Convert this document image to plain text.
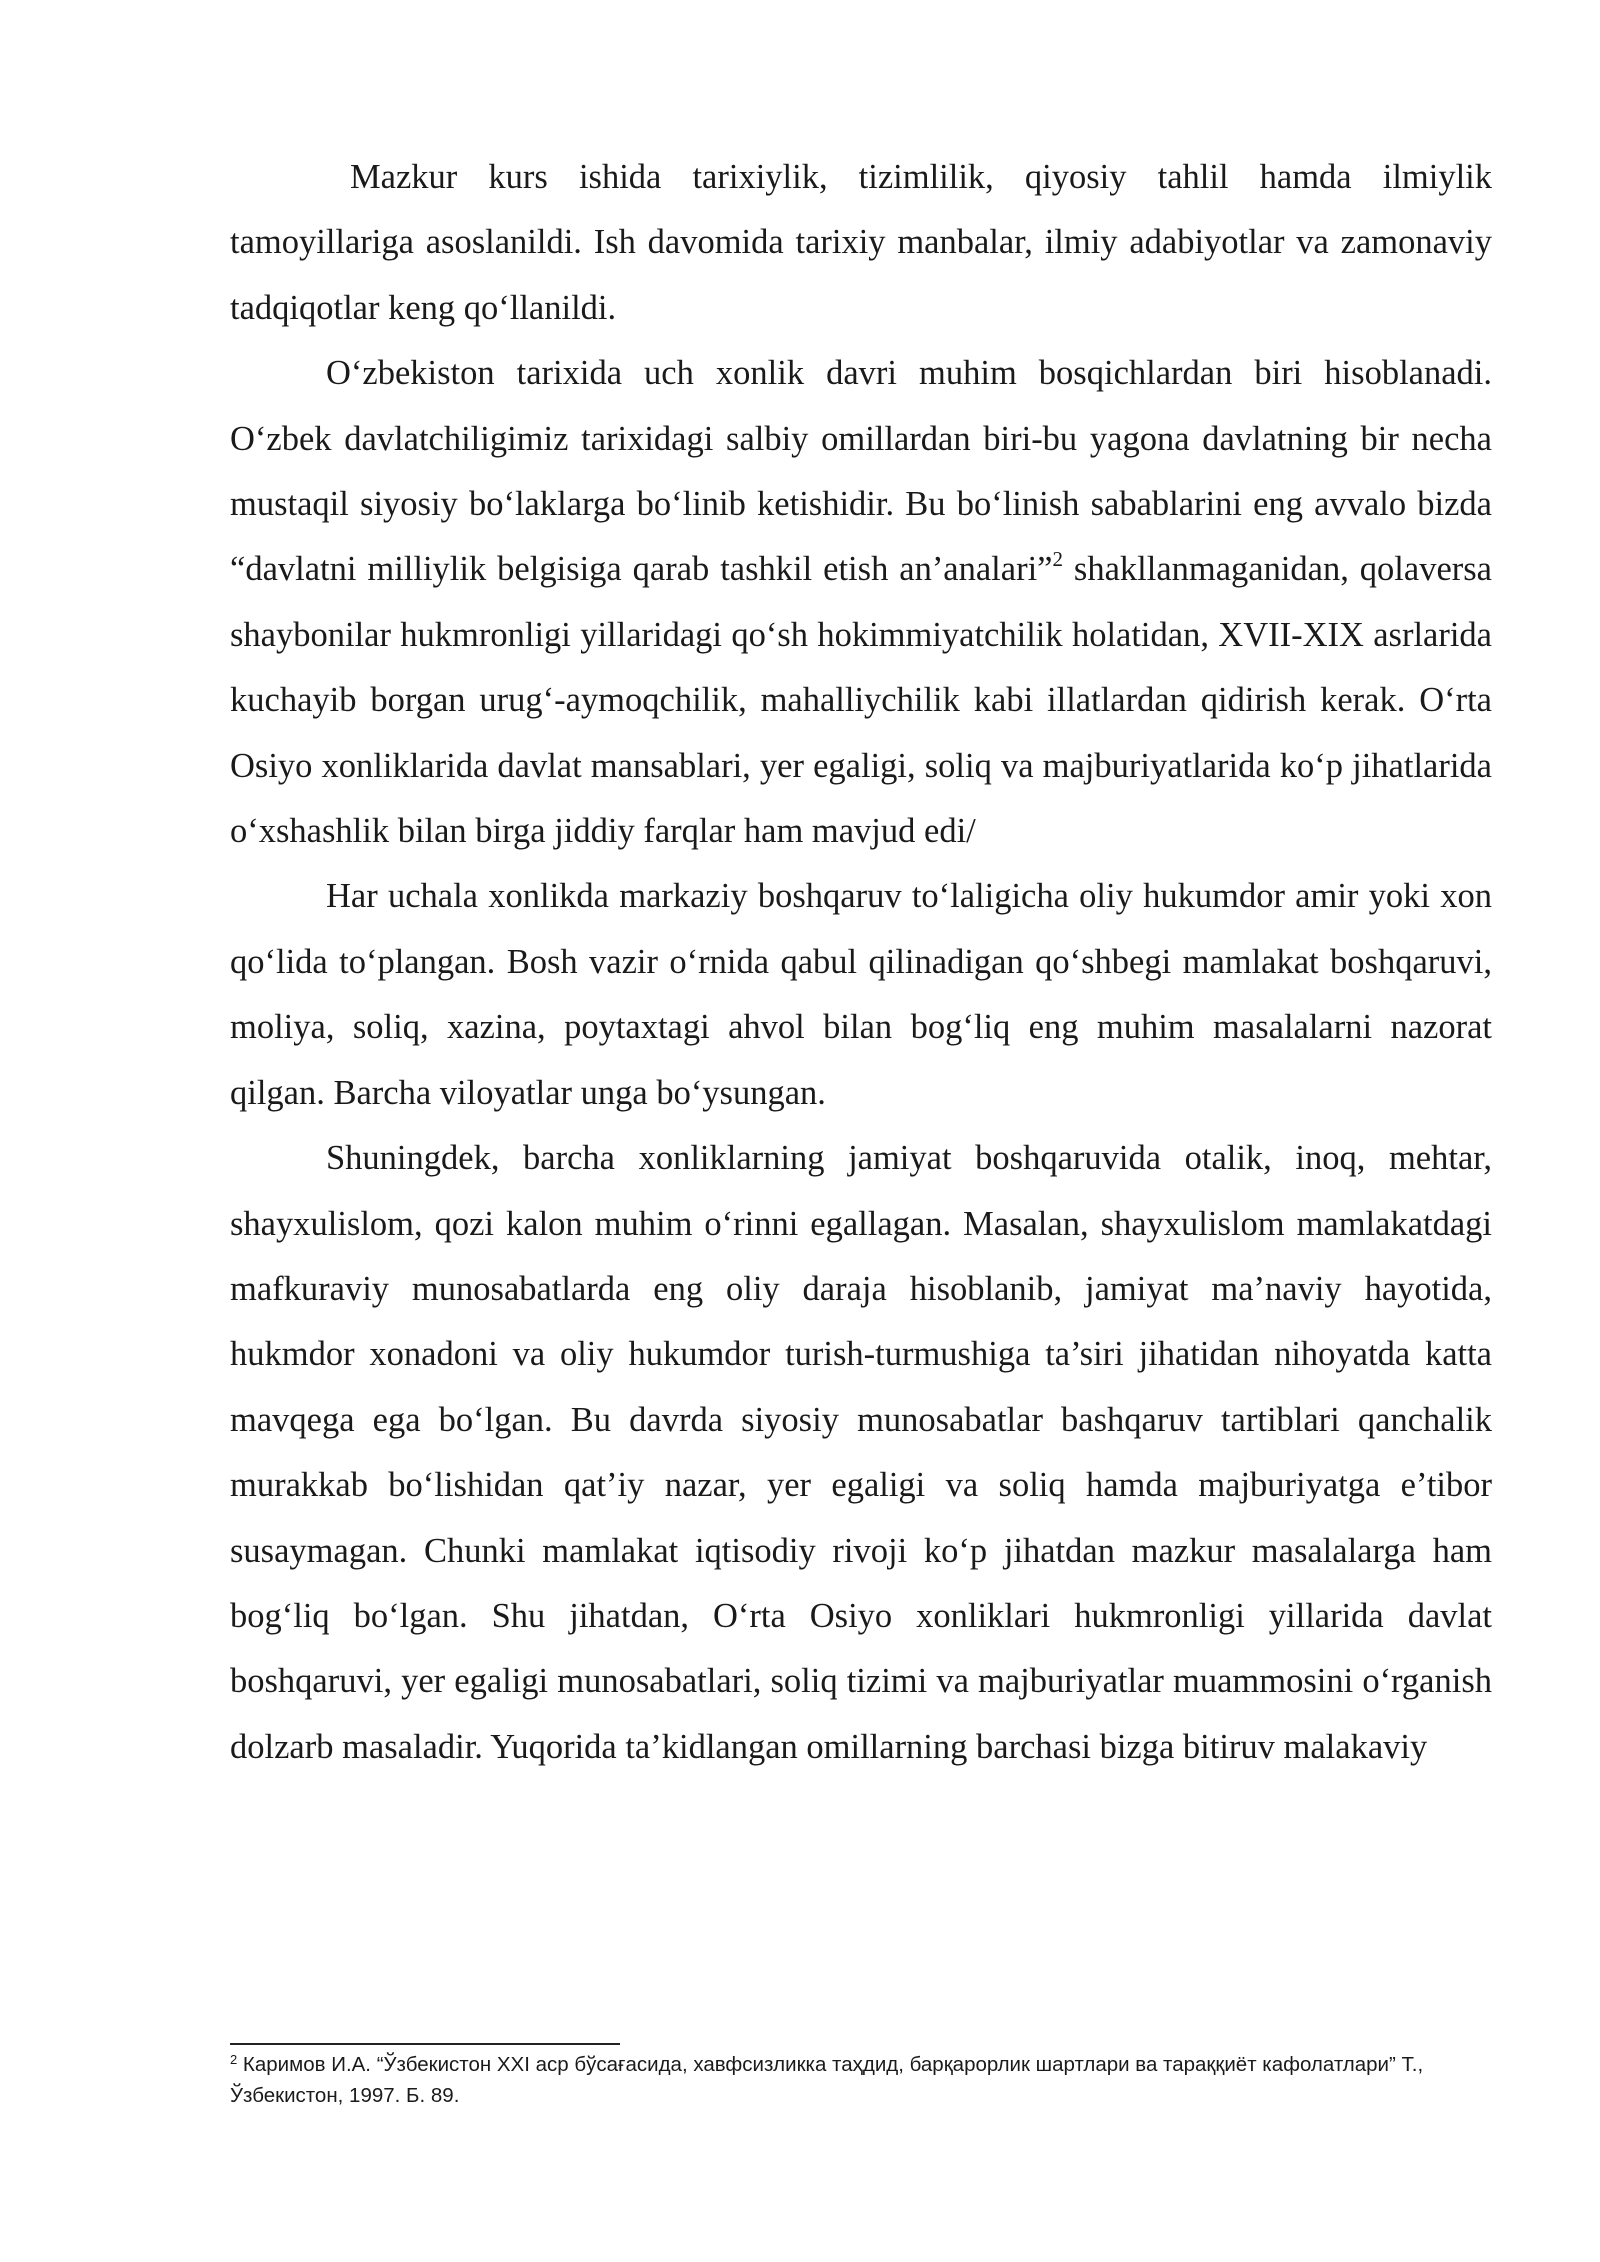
Mazkur kurs ishida tarixiylik, tizimlilik, qiyosiy tahlil hamda ilmiylik tamoyillariga asoslanildi. Ish davomida tarixiy manbalar, ilmiy adabiyotlar va zamonaviy tadqiqotlar keng qo‘llanildi.

O‘zbekiston tarixida uch xonlik davri muhim bosqichlardan biri hisoblanadi. O‘zbek davlatchiligimiz tarixidagi salbiy omillardan biri-bu yagona davlatning bir necha mustaqil siyosiy bo‘laklarga bo‘linib ketishidir. Bu bo‘linish sabablarini eng avvalo bizda “davlatni milliylik belgisiga qarab tashkil etish an’analari”$^2$ shakllanmaganidan, qolaversa shaybonilar hukmronligi yillaridagi qo‘sh hokimmiyatchilik holatidan, XVII-XIX asrlarida kuchayib borgan urug‘-aymoqchilik, mahalliychilik kabi illatlardan qidirish kerak. O‘rta Osiyo xonliklarida davlat mansablari, yer egaligi, soliq va majburiyatlarida ko‘p jihatlarida o‘xshashlik bilan birga jiddiy farqlar ham mavjud edi/

Har uchala xonlikda markaziy boshqaruv to‘laligicha oliy hukumdor amir yoki xon qo‘lida to‘plangan. Bosh vazir o‘rnida qabul qilinadigan qo‘shbegi mamlakat boshqaruvi, moliya, soliq, xazina, poytaxtagi ahvol bilan bog‘liq eng muhim masalalarni nazorat qilgan. Barcha viloyatlar unga bo‘ysungan.

Shuningdek, barcha xonliklarning jamiyat boshqaruvida otalik, inoq, mehtar, shayxulislom, qozi kalon muhim o‘rinni egallagan. Masalan, shayxulislom mamlakatdagi mafkuraviy munosabatlarda eng oliy daraja hisoblanib, jamiyat ma’naviy hayotida, hukmdor xonadoni va oliy hukumdor turish-turmushiga ta’siri jihatidan nihoyatda katta mavqega ega bo‘lgan. Bu davrda siyosiy munosabatlar bashqaruv tartiblari qanchalik murakkab bo‘lishidan qat’iy nazar, yer egaligi va soliq hamda majburiyatga e’tibor susaymagan. Chunki mamlakat iqtisodiy rivoji ko‘p jihatdan mazkur masalalarga ham bog‘liq bo‘lgan. Shu jihatdan, O‘rta Osiyo xonliklari hukmronligi yillarida davlat boshqaruvi, yer egaligi munosabatlari, soliq tizimi va majburiyatlar muammosini o‘rganish dolzarb masaladir. Yuqorida ta’kidlangan omillarning barchasi bizga bitiruv malakaviy

$^2$ Каримов И.А. “Ўзбекистон XXI аср бўсағасида, хавфсизликка таҳдид, барқарорлик шартлари ва тараққиёт кафолатлари” Т., Ўзбекистон, 1997. Б. 89.
